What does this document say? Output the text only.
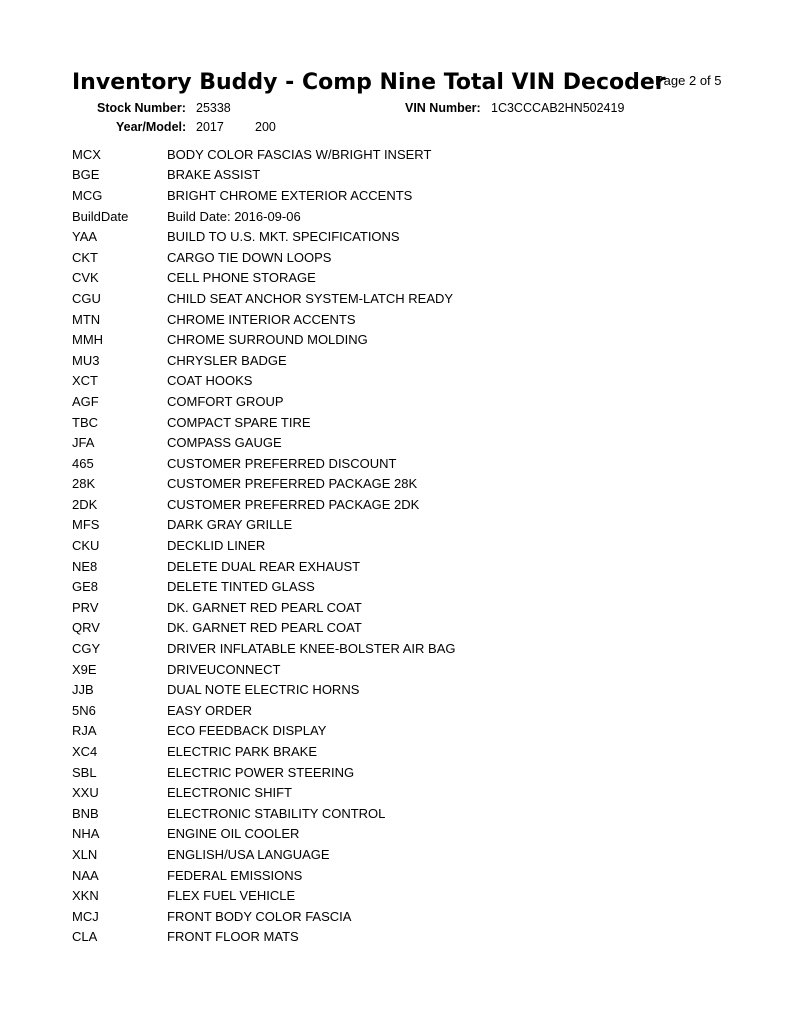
Inventory Buddy - Comp Nine Total VIN Decoder
Page 2 of 5
Stock Number: 25338	VIN Number: 1C3CCCAB2HN502419
Year/Model: 2017 200
MCX	BODY COLOR FASCIAS W/BRIGHT INSERT
BGE	BRAKE ASSIST
MCG	BRIGHT CHROME EXTERIOR ACCENTS
BuildDate	Build Date: 2016-09-06
YAA	BUILD TO U.S. MKT. SPECIFICATIONS
CKT	CARGO TIE DOWN LOOPS
CVK	CELL PHONE STORAGE
CGU	CHILD SEAT ANCHOR SYSTEM-LATCH READY
MTN	CHROME INTERIOR ACCENTS
MMH	CHROME SURROUND MOLDING
MU3	CHRYSLER BADGE
XCT	COAT HOOKS
AGF	COMFORT GROUP
TBC	COMPACT SPARE TIRE
JFA	COMPASS GAUGE
465	CUSTOMER PREFERRED DISCOUNT
28K	CUSTOMER PREFERRED PACKAGE 28K
2DK	CUSTOMER PREFERRED PACKAGE 2DK
MFS	DARK GRAY GRILLE
CKU	DECKLID LINER
NE8	DELETE DUAL REAR EXHAUST
GE8	DELETE TINTED GLASS
PRV	DK. GARNET RED PEARL COAT
QRV	DK. GARNET RED PEARL COAT
CGY	DRIVER INFLATABLE KNEE-BOLSTER AIR BAG
X9E	DRIVEUCONNECT
JJB	DUAL NOTE ELECTRIC HORNS
5N6	EASY ORDER
RJA	ECO FEEDBACK DISPLAY
XC4	ELECTRIC PARK BRAKE
SBL	ELECTRIC POWER STEERING
XXU	ELECTRONIC SHIFT
BNB	ELECTRONIC STABILITY CONTROL
NHA	ENGINE OIL COOLER
XLN	ENGLISH/USA LANGUAGE
NAA	FEDERAL EMISSIONS
XKN	FLEX FUEL VEHICLE
MCJ	FRONT BODY COLOR FASCIA
CLA	FRONT FLOOR MATS
